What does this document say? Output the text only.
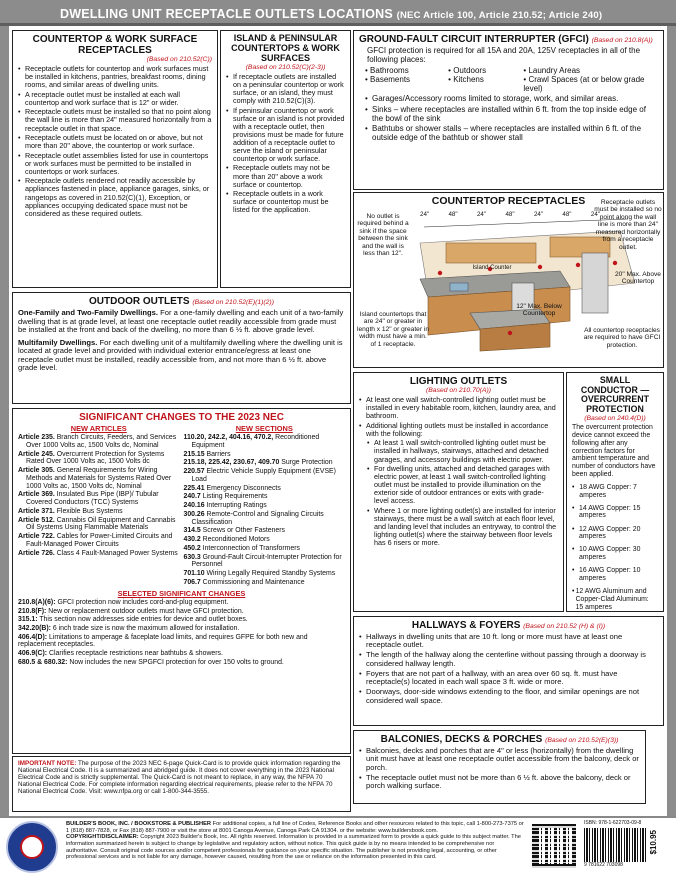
DWELLING UNIT RECEPTACLE OUTLETS LOCATIONS (NEC Article 100, Article 210.52; Article 240)
COUNTERTOP & WORK SURFACE RECEPTACLES
(Based on 210.52(C))
• Receptacle outlets for countertop and work surfaces must be installed in kitchens, pantries, breakfast rooms, dining rooms, and similar areas of dwelling units.
• A receptacle outlet must be installed at each wall countertop and work surface that is 12" or wider.
• Receptacle outlets must be installed so that no point along the wall line is more than 24" measured horizontally from a receptacle outlet in that space.
• Receptacle outlets must be located on or above, but not more than 20" above, the countertop or work surface.
• Receptacle outlet assemblies listed for use in countertops or work surfaces must be permitted to be installed in countertops or work surfaces.
• Receptacle outlets rendered not readily accessible by appliances fastened in place, appliance garages, sinks, or rangetops as covered in 210.52(C)(1), Exception, or appliances occupying dedicated space must not be considered as these required outlets.
ISLAND & PENINSULAR COUNTERTOPS & WORK SURFACES
(Based on 210.52(C)(2-3))
• If receptacle outlets are installed on a peninsular countertop or work surface, or an island, they must comply with 210.52(C)(3).
• If peninsular countertop or work surface or an island is not provided with a receptacle outlet, then provisions must be made for future addition of a receptacle outlet to serve the island or peninsular countertop or work surface.
• Receptacle outlets may not be more than 20" above a work surface or countertop.
• Receptacle outlets in a work surface or countertop must be listed for the application.
GROUND-FAULT CIRCUIT INTERRUPTER (GFCI) (Based on 210.8(A))

GFCI protection is required for all 15A and 20A, 125V receptacles in all of the following places:

• Bathrooms	• Outdoors	• Laundry Areas
• Basements	• Kitchens	• Crawl Spaces (at or below grade level)
• Garages/Accessory rooms limited to storage, work, and similar areas.
• Sinks – where receptacles are installed within 6 ft. from the top inside edge of the bowl of the sink
• Bathtubs or shower stalls – where receptacles are installed within 6 ft. of the outside edge of the bathtub or shower stall
COUNTERTOP RECEPTACLES
24"	48"	24"	48"	24"	48"	24"
No outlet is required behind a sink if the space between the sink and the wall is less than 12".
Receptacle outlets must be installed so no point along the wall line is more than 24" measured horizontally from a receptacle outlet.
20" Max. Above Countertop
Island Counter
12" Max. Below Countertop
Island countertops that are 24" or greater in length x 12" or greater in width must have a min. of 1 receptacle.
All countertop receptacles are required to have GFCI protection.
OUTDOOR OUTLETS (Based on 210.52(E)(1)(2))

One-Family and Two-Family Dwellings. For a one-family dwelling and each unit of a two-family dwelling that is at grade level, at least one receptacle outlet readily accessible from grade must be installed at the front and back of the dwelling, no more than 6 ½ ft. above grade level.

Multifamily Dwellings. For each dwelling unit of a multifamily dwelling where the dwelling unit is located at grade level and provided with individual exterior entrance/egress at least one receptacle outlet must be installed, readily accessible from, and not more than 6 ½ ft. above grade level.

SIGNIFICANT CHANGES TO THE 2023 NEC
NEW ARTICLES
Article 235. Branch Circuits, Feeders, and Services Over 1000 Volts ac, 1500 Volts dc, Nominal
Article 245. Overcurrent Protection for Systems Rated Over 1000 Volts ac, 1500 Volts dc
Article 305. General Requirements for Wiring Methods and Materials for Systems Rated Over 1000 Volts ac, 1500 Volts dc, Nominal
Article 369. Insulated Bus Pipe (IBP)/ Tubular Covered Conductors (TCC) Systems
Article 371. Flexible Bus Systems
Article 512. Cannabis Oil Equipment and Cannabis Oil Systems Using Flammable Materials
Article 722. Cables for Power-Limited Circuits and Fault-Managed Power Circuits
Article 726. Class 4 Fault-Managed Power Systems
NEW SECTIONS
110.20, 242.2, 404.16, 470.2, Reconditioned Equipment
215.15 Barriers
215.18, 225.42, 230.67, 409.70 Surge Protection
220.57 Electric Vehicle Supply Equipment (EVSE) Load
225.41 Emergency Disconnects
240.7 Listing Requirements
240.16 Interrupting Ratings
300.26 Remote-Control and Signaling Circuits Classification
314.5 Screws or Other Fasteners
430.2 Reconditioned Motors
450.2 Interconnection of Transformers
630.3 Ground-Fault Circuit-Interrupter Protection for Personnel
701.10 Wiring Legally Required Standby Systems
706.7 Commissioning and Maintenance
SELECTED SIGNIFICANT CHANGES
210.8(A)(6): GFCI protection now includes cord-and-plug equipment.
210.8(F): New or replacement outdoor outlets must have GFCI protection.
315.1: This section now addresses side entries for device and outlet boxes.
342.20(B): 6 inch trade size is now the maximum allowed for installation.
406.4(D): Limitations to amperage & faceplate load limits, and requires GFPE for both new and replacement receptacles.
406.9(C): Clarifies receptacle restrictions near bathtubs & showers.
680.5 & 680.32: Now includes the new SPGFCI protection for over 150 volts to ground.
IMPORTANT NOTE: The purpose of the 2023 NEC 6-page Quick-Card is to provide quick information regarding the National Electrical Code. It is a summarized and abridged guide. It does not cover everything in the 2023 National Electrical Code and is strictly supplemental. The Quick-Card is not meant to replace, in any way, the NFPA 70 National Electrical Code. For complete information regarding electrical requirements, please refer to the NFPA 70 National Electrical Code. Visit: www.nfpa.org or call 1-800-344-3555.
LIGHTING OUTLETS
(Based on 210.70(A))
• At least one wall switch-controlled lighting outlet must be installed in every habitable room, kitchen, laundry area, and bathroom.
• Additional lighting outlets must be installed in accordance with the following:
• At least 1 wall switch-controlled lighting outlet must be installed in hallways, stairways, attached and detached garages, and accessory buildings with electric power.
• For dwelling units, attached and detached garages with electric power, at least 1 wall switch-controlled lighting outlet must be installed to provide illumination on the exterior side of outdoor entrances or exits with grade-level access.
• Where 1 or more lighting outlet(s) are installed for interior stairways, there must be a wall switch at each floor level, and landing level that includes an entryway, to control the lighting outlet(s) where the stairway between floor levels has 6 risers or more.
SMALL CONDUCTOR — OVERCURRENT PROTECTION
(Based on 240.4(D))

The overcurrent protection device cannot exceed the following after any correction factors for ambient temperature and number of conductors have been applied.

• 18 AWG Copper: 7 amperes
• 14 AWG Copper: 15 amperes
• 12 AWG Copper: 20 amperes
• 10 AWG Copper: 30 amperes
• 16 AWG Copper: 10 amperes
• 12 AWG Aluminum and Copper-Clad Aluminum: 15 amperes
HALLWAYS & FOYERS (Based on 210.52 (H) & (I))
• Hallways in dwelling units that are 10 ft. long or more must have at least one receptacle outlet.
• The length of the hallway along the centerline without passing through a doorway is considered hallway length.
• Foyers that are not part of a hallway, with an area over 60 sq. ft. must have receptacle(s) located in each wall space 3 ft. wide or more.
• Doorways, door-side windows extending to the floor, and similar openings are not considered wall space.
BALCONIES, DECKS & PORCHES (Based on 210.52(E)(3))
• Balconies, decks and porches that are 4" or less (horizontally) from the dwelling unit must have at least one receptacle outlet accessible from the balcony, deck or porch.
• The receptacle outlet must not be more than 6 ½ ft. above the balcony, deck or porch walking surface.
6
BUILDER'S BOOK, INC. / BOOKSTORE & PUBLISHER For additional copies, a full line of Codes, Reference Books and other resources related to this topic, call 1-800-273-7375 or 1 (818) 887-7828, or Fax (818) 887-7900 or visit the store at 8001 Canoga Avenue, Canoga Park CA 91304. or the website: www.buildersbook.com.
COPYRIGHT/DISCLAIMER: Copyright 2023 Builder's Book, Inc. All rights reserved. Information is provided in a summarized form to provide a quick guide to this subject matter. The information summarized herein is subject to change by legislative and regulatory action, without notice. This quick guide is by no means intended to be comprehensive nor authoritative. Consult original code sources and/or competent professionals for guidance on your specific situation. The publisher is not providing legal, accounting, or other professional services and is not liable for any damage, however caused, resulting from the use or reliance on the information presented in this card.
ISBN: 978-1-622703-09-8
9 781622 703098
$10.95
